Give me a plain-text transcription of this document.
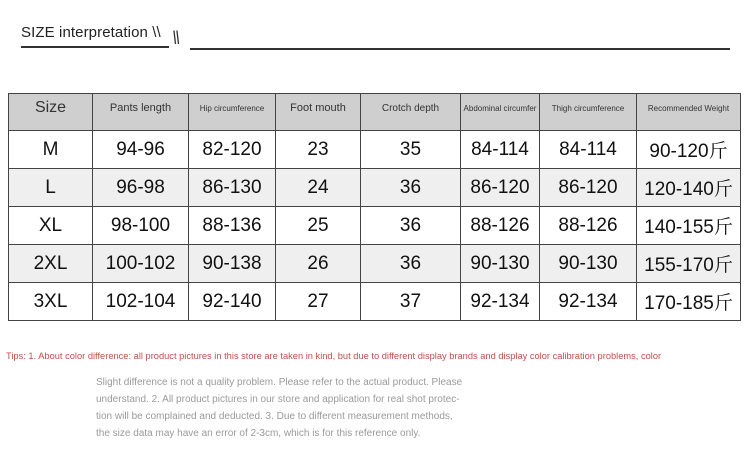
SIZE interpretation \\ \\
Size	Pants length	Hip circumference	Foot mouth	Crotch depth	Abdominal circumfer	Thigh circumference	Recommended Weight

M	94-96	82-120	23	35	84-114	84-114	90-120斤
L	96-98	86-130	24	36	86-120	86-120	120-140斤
XL	98-100	88-136	25	36	88-126	88-126	140-155斤
2XL	100-102	90-138	26	36	90-130	90-130	155-170斤
3XL	102-104	92-140	27	37	92-134	92-134	170-185斤
Tips: 1. About color difference: all product pictures in this store are taken in kind, but due to different display brands and display color calibration problems, color
Slight difference is not a quality problem. Please refer to the actual product. Please
understand. 2. All product pictures in our store and application for real shot protec-
tion will be complained and deducted. 3. Due to different measurement methods,
the size data may have an error of 2-3cm, which is for this reference only.
